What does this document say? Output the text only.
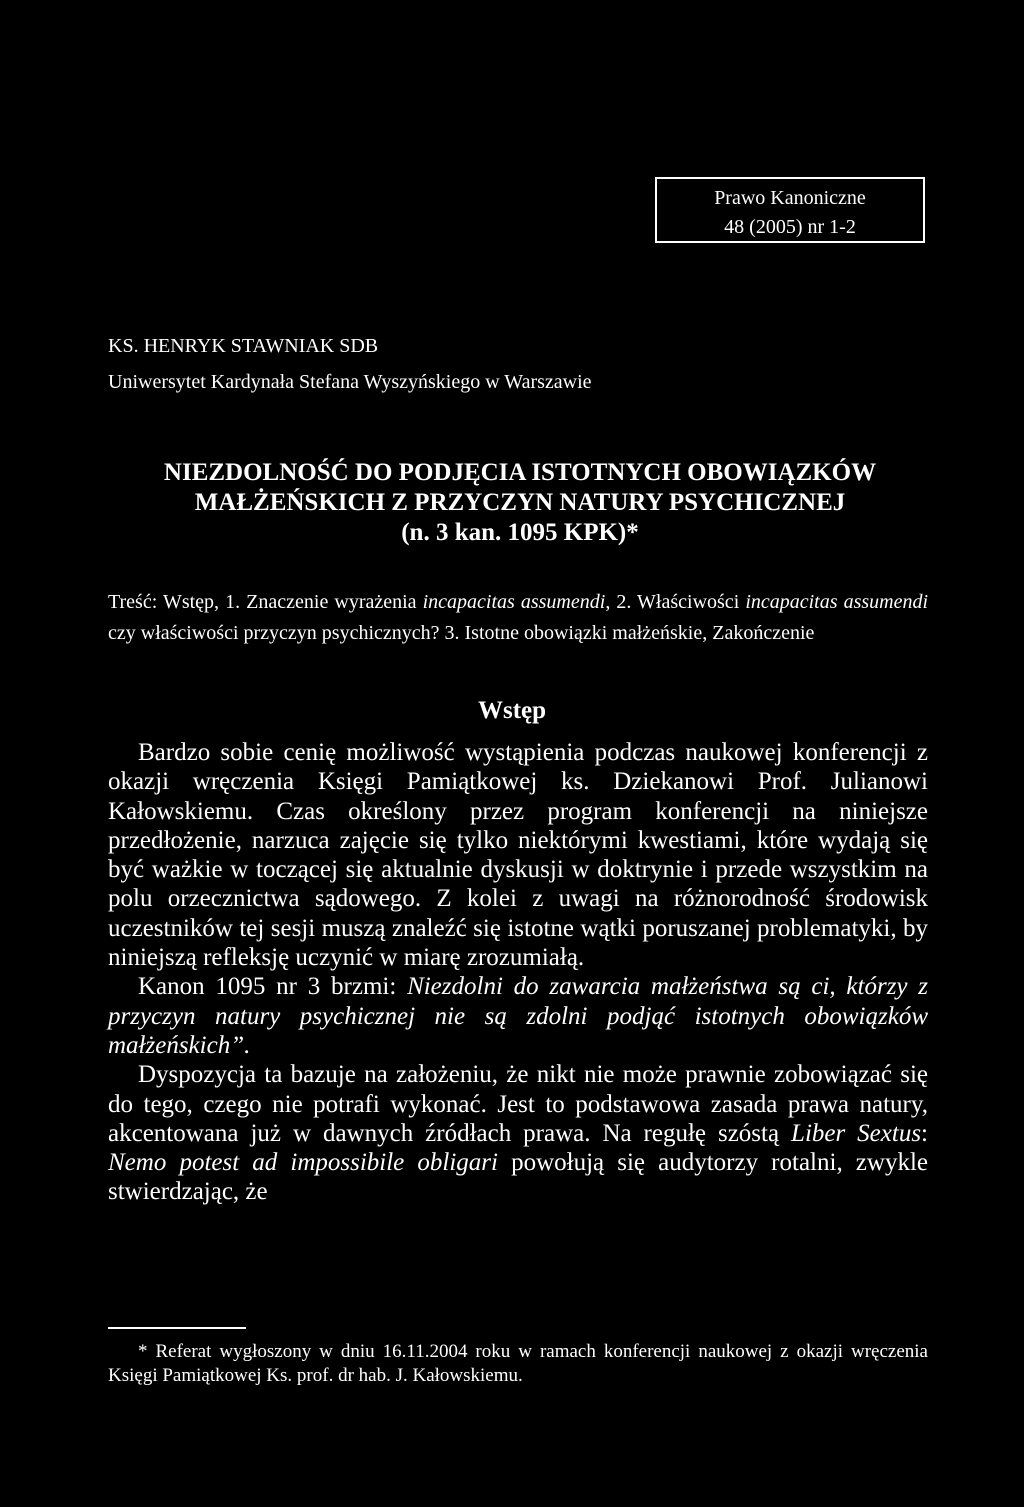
Prawo Kanoniczne
48 (2005) nr 1-2
KS. HENRYK STAWNIAK SDB
Uniwersytet Kardynała Stefana Wyszyńskiego w Warszawie
NIEZDOLNOŚĆ DO PODJĘCIA ISTOTNYCH OBOWIĄZKÓW
MAŁŻEŃSKICH Z PRZYCZYN NATURY PSYCHICZNEJ
(n. 3 kan. 1095 KPK)*
Treść: Wstęp, 1. Znaczenie wyrażenia incapacitas assumendi, 2. Właściwości incapacitas assumendi czy właściwości przyczyn psychicznych? 3. Istotne obowiązki małżeńskie, Zakończenie
Wstęp

Bardzo sobie cenię możliwość wystąpienia podczas naukowej konferencji z okazji wręczenia Księgi Pamiątkowej ks. Dziekanowi Prof. Julianowi Kałowskiemu. Czas określony przez program konferencji na niniejsze przedłożenie, narzuca zajęcie się tylko niektórymi kwestiami, które wydają się być ważkie w toczącej się aktualnie dyskusji w doktrynie i przede wszystkim na polu orzecznictwa sądowego. Z kolei z uwagi na różnorodność środowisk uczestników tej sesji muszą znaleźć się istotne wątki poruszanej problematyki, by niniejszą refleksję uczynić w miarę zrozumiałą.

Kanon 1095 nr 3 brzmi: Niezdolni do zawarcia małżeństwa są ci, którzy z przyczyn natury psychicznej nie są zdolni podjąć istotnych obowiązków małżeńskich”.

Dyspozycja ta bazuje na założeniu, że nikt nie może prawnie zobowiązać się do tego, czego nie potrafi wykonać. Jest to podstawowa zasada prawa natury, akcentowana już w dawnych źródłach prawa. Na regułę szóstą Liber Sextus: Nemo potest ad impossibile obligari powołują się audytorzy rotalni, zwykle stwierdzając, że

* Referat wygłoszony w dniu 16.11.2004 roku w ramach konferencji naukowej z okazji wręczenia Księgi Pamiątkowej Ks. prof. dr hab. J. Kałowskiemu.
